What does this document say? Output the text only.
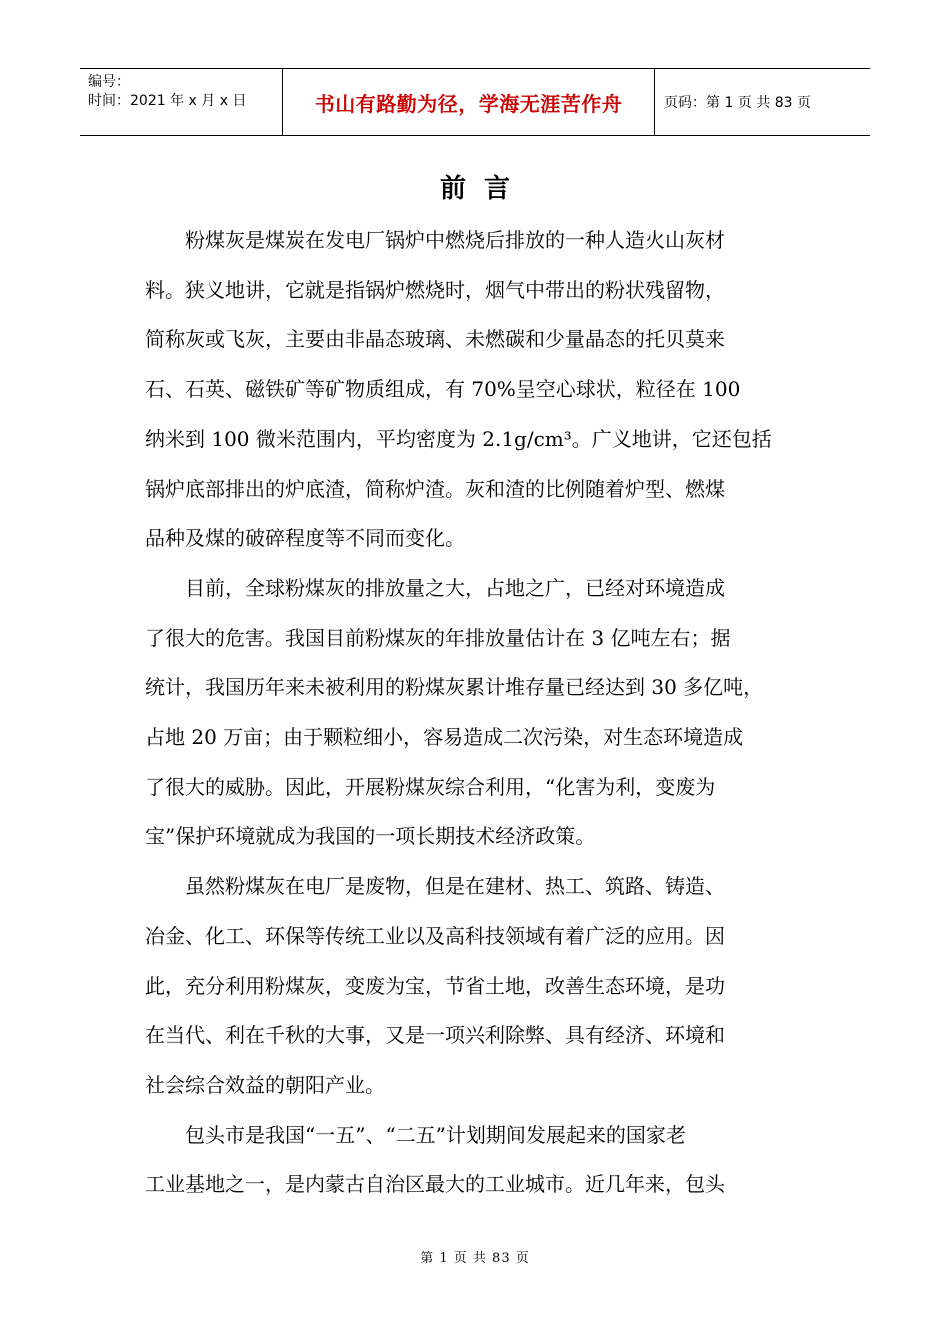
编号：
时间：2021 年 x 月 x 日	书山有路勤为径，学海无涯苦作舟	页码：第 1 页 共 83 页
前言

　　粉煤灰是煤炭在发电厂锅炉中燃烧后排放的一种人造火山灰材

料。狭义地讲，它就是指锅炉燃烧时，烟气中带出的粉状残留物，

简称灰或飞灰，主要由非晶态玻璃、未燃碳和少量晶态的托贝莫来

石、石英、磁铁矿等矿物质组成，有 70%呈空心球状，粒径在 100

纳米到 100 微米范围内，平均密度为 2.1g/cm³。广义地讲，它还包括

锅炉底部排出的炉底渣，简称炉渣。灰和渣的比例随着炉型、燃煤

品种及煤的破碎程度等不同而变化。

　　目前，全球粉煤灰的排放量之大，占地之广，已经对环境造成

了很大的危害。我国目前粉煤灰的年排放量估计在 3 亿吨左右；据

统计，我国历年来未被利用的粉煤灰累计堆存量已经达到 30 多亿吨，

占地 20 万亩；由于颗粒细小，容易造成二次污染，对生态环境造成

了很大的威胁。因此，开展粉煤灰综合利用，“化害为利，变废为

宝”保护环境就成为我国的一项长期技术经济政策。

　　虽然粉煤灰在电厂是废物，但是在建材、热工、筑路、铸造、

冶金、化工、环保等传统工业以及高科技领域有着广泛的应用。因

此，充分利用粉煤灰，变废为宝，节省土地，改善生态环境，是功

在当代、利在千秋的大事，又是一项兴利除弊、具有经济、环境和

社会综合效益的朝阳产业。

　　包头市是我国“一五”、“二五”计划期间发展起来的国家老

工业基地之一，是内蒙古自治区最大的工业城市。近几年来，包头

第 1 页 共 83 页
